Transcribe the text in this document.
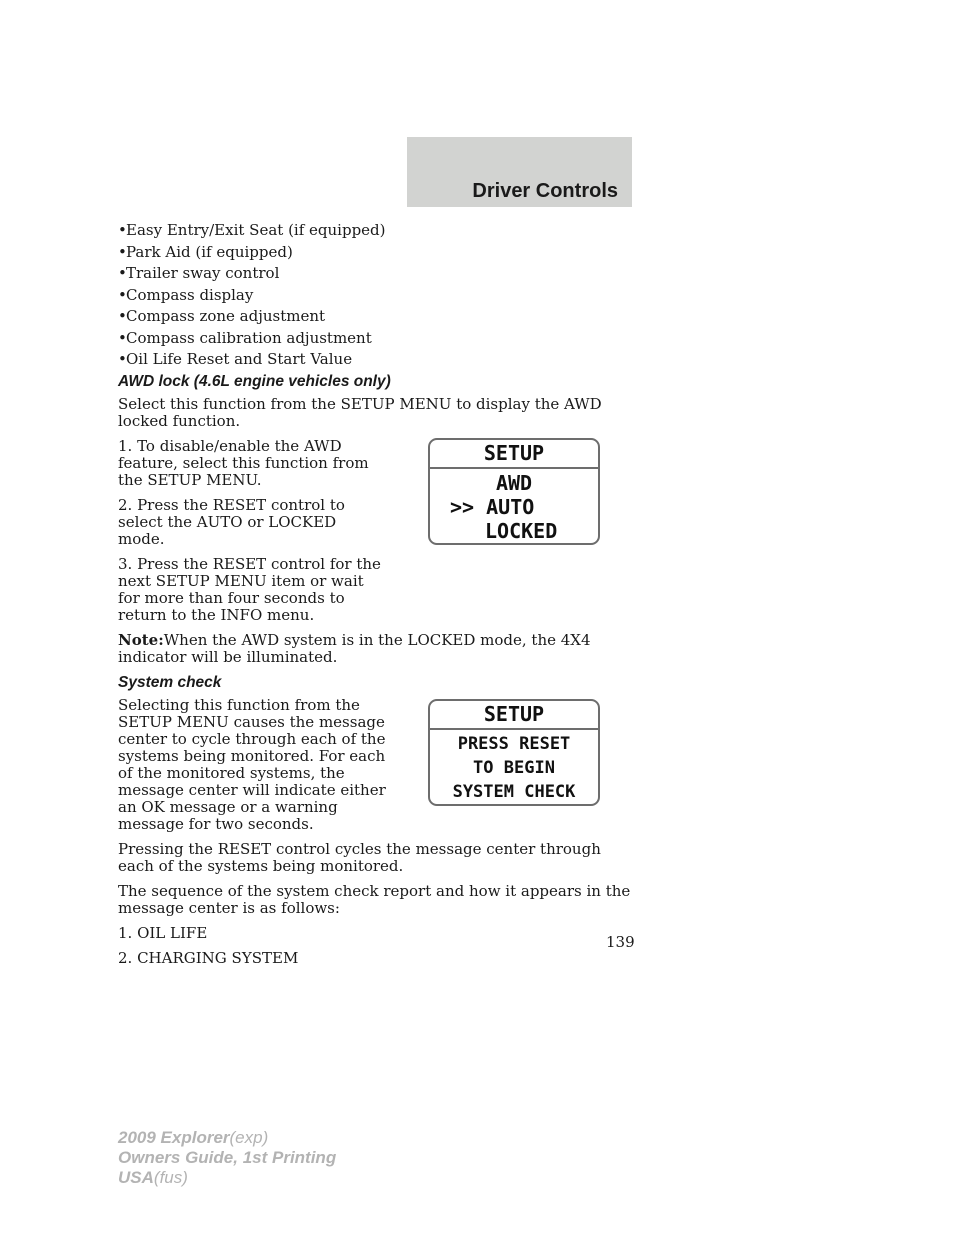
Driver Controls
•Easy Entry/Exit Seat (if equipped)
•Park Aid (if equipped)
•Trailer sway control
•Compass display
•Compass zone adjustment
•Compass calibration adjustment
•Oil Life Reset and Start Value
AWD lock (4.6L engine vehicles only)

Select this function from the SETUP MENU to display the AWD locked function.

1. To disable/enable the AWD feature, select this function from the SETUP MENU.

2. Press the RESET control to select the AUTO or LOCKED mode.

3. Press the RESET control for the next SETUP MENU item or wait for more than four seconds to return to the INFO menu.

SETUP
AWD
>> AUTO
LOCKED

Note:When the AWD system is in the LOCKED mode, the 4X4 indicator will be illuminated.

System check

Selecting this function from the SETUP MENU causes the message center to cycle through each of the systems being monitored. For each of the monitored systems, the message center will indicate either an OK message or a warning message for two seconds.

SETUP
PRESS RESET
TO BEGIN
SYSTEM CHECK

Pressing the RESET control cycles the message center through each of the systems being monitored.

The sequence of the system check report and how it appears in the message center is as follows:

1. OIL LIFE

2. CHARGING SYSTEM

139
2009 Explorer(exp)
Owners Guide, 1st Printing
USA(fus)
